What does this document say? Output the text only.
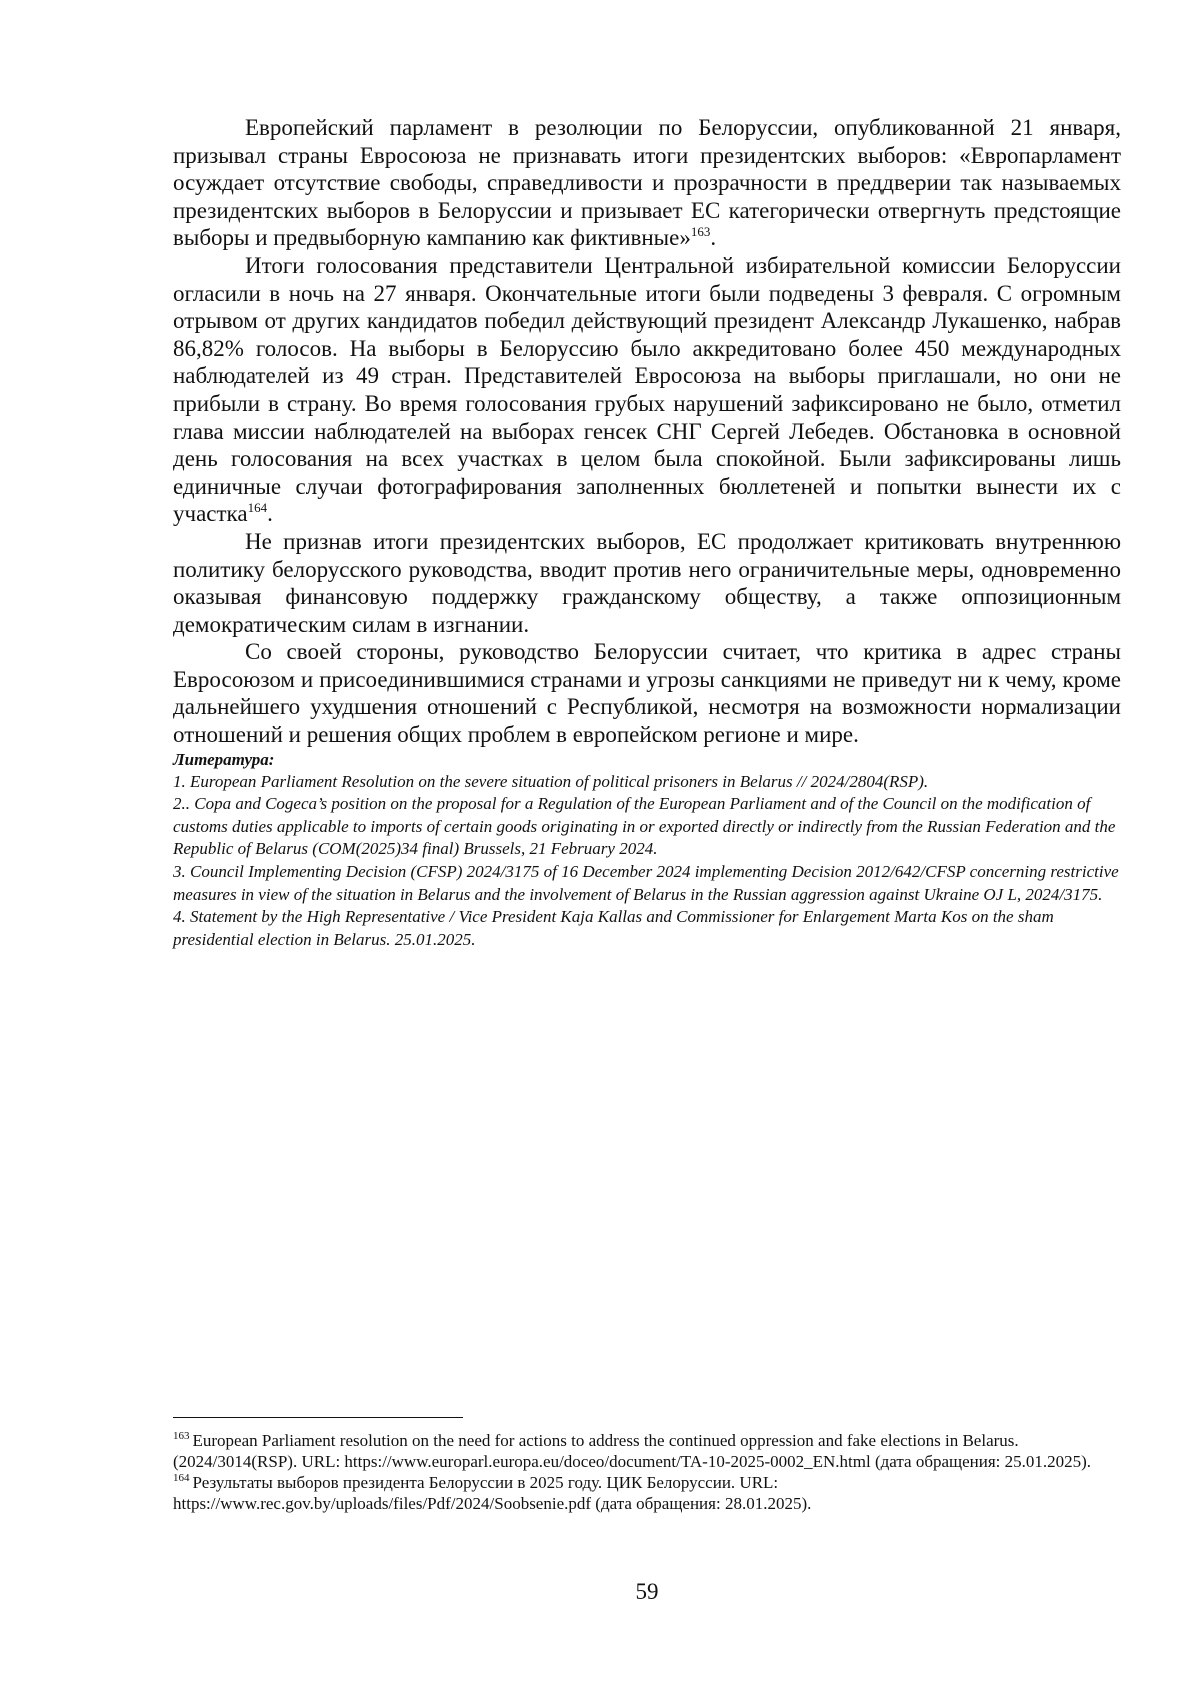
Европейский парламент в резолюции по Белоруссии, опубликованной 21 января, призывал страны Евросоюза не признавать итоги президентских выборов: «Европарламент осуждает отсутствие свободы, справедливости и прозрачности в преддверии так называемых президентских выборов в Белоруссии и призывает ЕС категорически отвергнуть предстоящие выборы и предвыборную кампанию как фиктивные»$^{163}$.

Итоги голосования представители Центральной избирательной комиссии Белоруссии огласили в ночь на 27 января. Окончательные итоги были подведены 3 февраля. С огромным отрывом от других кандидатов победил действующий президент Александр Лукашенко, набрав 86,82% голосов. На выборы в Белоруссию было аккредитовано более 450 международных наблюдателей из 49 стран. Представителей Евросоюза на выборы приглашали, но они не прибыли в страну. Во время голосования грубых нарушений зафиксировано не было, отметил глава миссии наблюдателей на выборах генсек СНГ Сергей Лебедев. Обстановка в основной день голосования на всех участках в целом была спокойной. Были зафиксированы лишь единичные случаи фотографирования заполненных бюллетеней и попытки вынести их с участка$^{164}$.

Не признав итоги президентских выборов, ЕС продолжает критиковать внутреннюю политику белорусского руководства, вводит против него ограничительные меры, одновременно оказывая финансовую поддержку гражданскому обществу, а также оппозиционным демократическим силам в изгнании.

Со своей стороны, руководство Белоруссии считает, что критика в адрес страны Евросоюзом и присоединившимися странами и угрозы санкциями не приведут ни к чему, кроме дальнейшего ухудшения отношений с Республикой, несмотря на возможности нормализации отношений и решения общих проблем в европейском регионе и мире.

Литература:

1. European Parliament Resolution on the severe situation of political prisoners in Belarus // 2024/2804(RSP).

2.. Copa and Cogeca’s position on the proposal for a Regulation of the European Parliament and of the Council on the modification of customs duties applicable to imports of certain goods originating in or exported directly or indirectly from the Russian Federation and the Republic of Belarus (COM(2025)34 final) Brussels, 21 February 2024.

3. Council Implementing Decision (CFSP) 2024/3175 of 16 December 2024 implementing Decision 2012/642/CFSP concerning restrictive measures in view of the situation in Belarus and the involvement of Belarus in the Russian aggression against Ukraine OJ L, 2024/3175.

4. Statement by the High Representative / Vice President Kaja Kallas and Commissioner for Enlargement Marta Kos on the sham presidential election in Belarus. 25.01.2025.

$^{163}$ European Parliament resolution on the need for actions to address the continued oppression and fake elections in Belarus. (2024/3014(RSP). URL: https://www.europarl.europa.eu/doceo/document/TA-10-2025-0002_EN.html (дата обращения: 25.01.2025).

$^{164}$ Результаты выборов президента Белоруссии в 2025 году. ЦИК Белоруссии. URL: https://www.rec.gov.by/uploads/files/Pdf/2024/Soobsenie.pdf (дата обращения: 28.01.2025).

59
